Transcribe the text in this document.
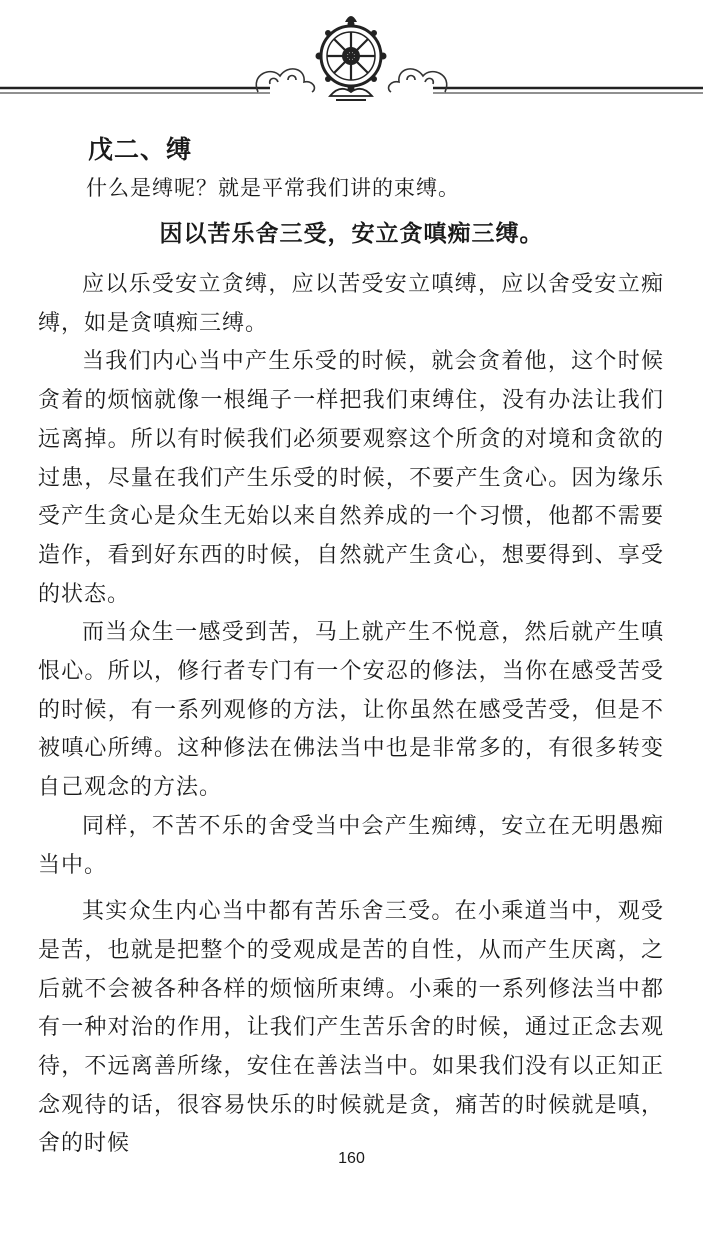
戊二、缚

什么是缚呢？就是平常我们讲的束缚。

因以苦乐舍三受，安立贪嗔痴三缚。

应以乐受安立贪缚，应以苦受安立嗔缚，应以舍受安立痴缚，如是贪嗔痴三缚。

当我们内心当中产生乐受的时候，就会贪着他，这个时候贪着的烦恼就像一根绳子一样把我们束缚住，没有办法让我们远离掉。所以有时候我们必须要观察这个所贪的对境和贪欲的过患，尽量在我们产生乐受的时候，不要产生贪心。因为缘乐受产生贪心是众生无始以来自然养成的一个习惯，他都不需要造作，看到好东西的时候，自然就产生贪心，想要得到、享受的状态。

而当众生一感受到苦，马上就产生不悦意，然后就产生嗔恨心。所以，修行者专门有一个安忍的修法，当你在感受苦受的时候，有一系列观修的方法，让你虽然在感受苦受，但是不被嗔心所缚。这种修法在佛法当中也是非常多的，有很多转变自己观念的方法。

同样，不苦不乐的舍受当中会产生痴缚，安立在无明愚痴当中。

其实众生内心当中都有苦乐舍三受。在小乘道当中，观受是苦，也就是把整个的受观成是苦的自性，从而产生厌离，之后就不会被各种各样的烦恼所束缚。小乘的一系列修法当中都有一种对治的作用，让我们产生苦乐舍的时候，通过正念去观待，不远离善所缘，安住在善法当中。如果我们没有以正知正念观待的话，很容易快乐的时候就是贪，痛苦的时候就是嗔，舍的时候

160
